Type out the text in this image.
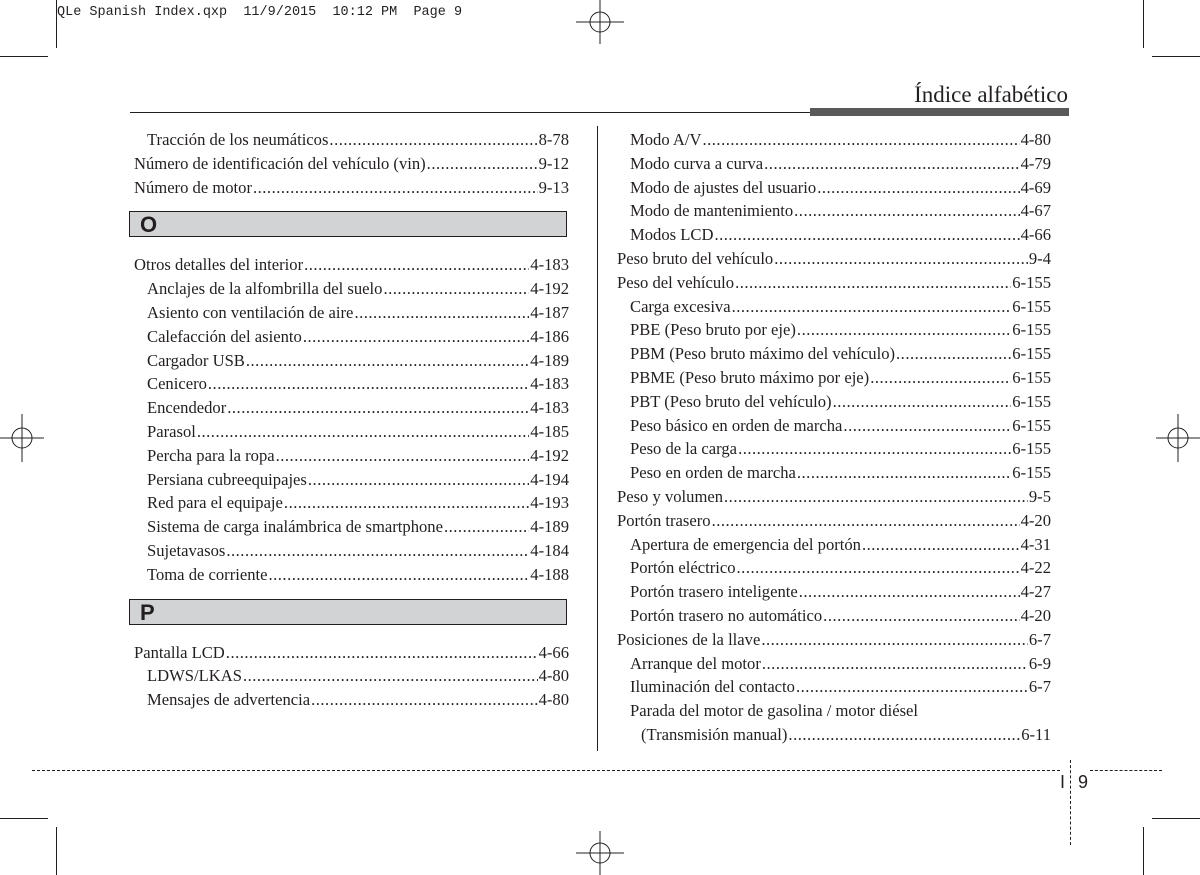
QLe Spanish Index.qxp  11/9/2015  10:12 PM  Page 9
Índice alfabético
Tracción de los neumáticos .....	8-78
Número de identificación del vehículo (vin) .....	9-12
Número de motor .....	9-13
O
Otros detalles del interior .....	4-183
Anclajes de la alfombrilla del suelo .....	4-192
Asiento con ventilación de aire .....	4-187
Calefacción del asiento .....	4-186
Cargador USB .....	4-189
Cenicero .....	4-183
Encendedor .....	4-183
Parasol .....	4-185
Percha para la ropa .....	4-192
Persiana cubreequipajes .....	4-194
Red para el equipaje .....	4-193
Sistema de carga inalámbrica de smartphone .....	4-189
Sujetavasos .....	4-184
Toma de corriente .....	4-188
P
Pantalla LCD .....	4-66
LDWS/LKAS .....	4-80
Mensajes de advertencia .....	4-80
Modo A/V .....	4-80
Modo curva a curva .....	4-79
Modo de ajustes del usuario .....	4-69
Modo de mantenimiento .....	4-67
Modos LCD .....	4-66
Peso bruto del vehículo .....	9-4
Peso del vehículo .....	6-155
Carga excesiva .....	6-155
PBE (Peso bruto por eje) .....	6-155
PBM (Peso bruto máximo del vehículo) .....	6-155
PBME (Peso bruto máximo por eje) .....	6-155
PBT (Peso bruto del vehículo) .....	6-155
Peso básico en orden de marcha .....	6-155
Peso de la carga .....	6-155
Peso en orden de marcha .....	6-155
Peso y volumen .....	9-5
Portón trasero .....	4-20
Apertura de emergencia del portón .....	4-31
Portón eléctrico .....	4-22
Portón trasero inteligente .....	4-27
Portón trasero no automático .....	4-20
Posiciones de la llave .....	6-7
Arranque del motor .....	6-9
Iluminación del contacto .....	6-7
Parada del motor de gasolina / motor diésel
(Transmisión manual) .....	6-11
I 9
